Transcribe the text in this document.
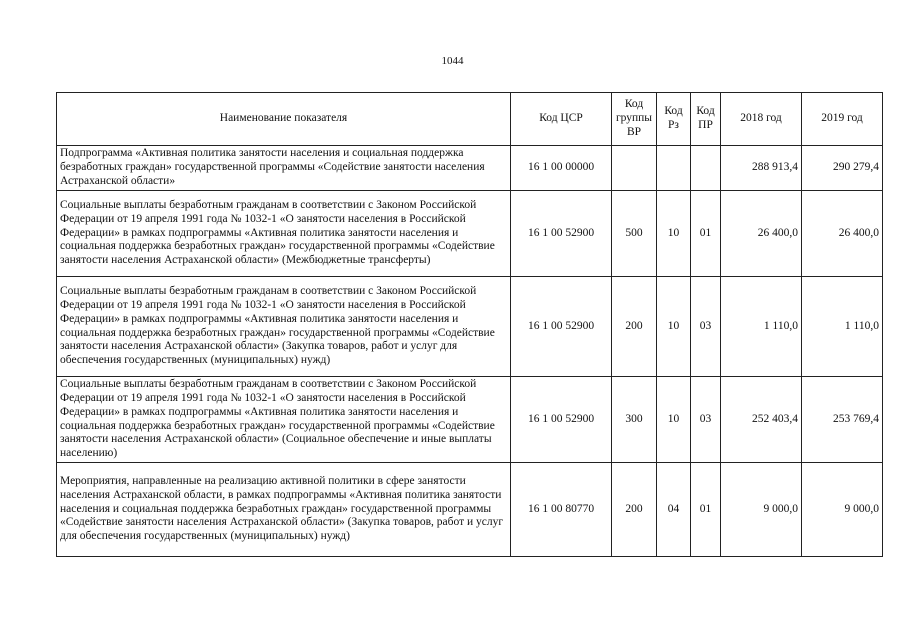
1044
Наименование показателя	Код ЦСР	Код группы ВР	Код Рз	Код ПР	2018 год	2019 год
Подпрограмма «Активная политика занятости населения и социальная поддержка безработных граждан» государственной программы «Содействие занятости населения Астраханской области»	16 1 00 00000				288 913,4	290 279,4
Социальные выплаты безработным гражданам в соответствии с Законом Российской Федерации от 19 апреля 1991 года № 1032-1 «О занятости населения в Российской Федерации» в рамках подпрограммы «Активная политика занятости населения и социальная поддержка безработных граждан» государственной программы «Содействие занятости населения Астраханской области» (Межбюджетные трансферты)	16 1 00 52900	500	10	01	26 400,0	26 400,0
Социальные выплаты безработным гражданам в соответствии с Законом Российской Федерации от 19 апреля 1991 года № 1032-1 «О занятости населения в Российской Федерации» в рамках подпрограммы «Активная политика занятости населения и социальная поддержка безработных граждан» государственной программы «Содействие занятости населения Астраханской области» (Закупка товаров, работ и услуг для обеспечения государственных (муниципальных) нужд)	16 1 00 52900	200	10	03	1 110,0	1 110,0
Социальные выплаты безработным гражданам в соответствии с Законом Российской Федерации от 19 апреля 1991 года № 1032-1 «О занятости населения в Российской Федерации» в рамках подпрограммы «Активная политика занятости населения и социальная поддержка безработных граждан» государственной программы «Содействие занятости населения Астраханской области» (Социальное обеспечение и иные выплаты населению)	16 1 00 52900	300	10	03	252 403,4	253 769,4
Мероприятия, направленные на реализацию активной политики в сфере занятости населения Астраханской области, в рамках подпрограммы «Активная политика занятости населения и социальная поддержка безработных граждан» государственной программы «Содействие занятости населения Астраханской области» (Закупка товаров, работ и услуг для обеспечения государственных (муниципальных) нужд)	16 1 00 80770	200	04	01	9 000,0	9 000,0
